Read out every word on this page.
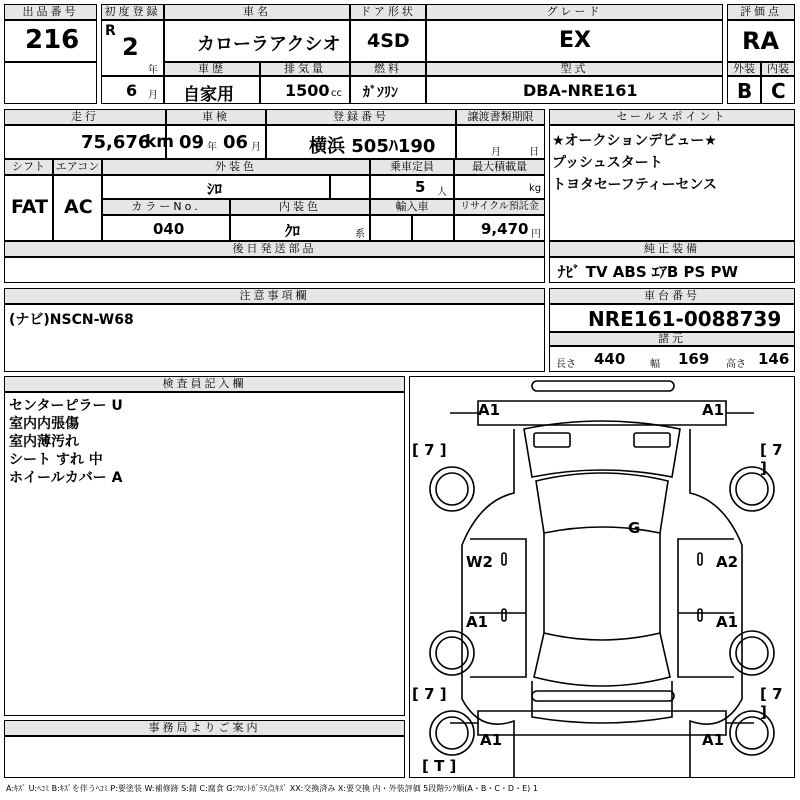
出品番号
216
初度登録
R
2
年
6 月
車名
カローラアクシオ
ドア形状
4SD
グレード
EX
評価点
RA
車歴
自家用
排気量
1500 cc
燃料
ｶﾞｿﾘﾝ
型式
DBA-NRE161
外装	内装
B C
走行
75,676
km
車検
09 年 06 月
登録番号
横浜 505ﾊ190
譲渡書類期限
月	日
セールスポイント
★オークションデビュー★
プッシュスタート
トヨタセーフティーセンス
シフト
FAT
エアコン
AC
外装色
ｼﾛ
乗車定員
5 人
最大積載量
kg
カラーNo.
040
内装色
ｸﾛ	系
輸入車	リサイクル預託金
9,470 円
後日発送部品	純正装備
ﾅﾋﾞ TV ABS ｴｱB PS PW
注意事項欄
(ナビ)NSCN-W68
車台番号
NRE161-0088739
諸元
長さ 440 幅 169 高さ 146
検査員記入欄
センターピラー U
室内内張傷
室内薄汚れ
シート すれ 中
ホイールカバー A
事務局よりご案内
A1	A1
[ 7 ]	[ 7 ]
G
W2	A2
A1	A1
[ 7 ]	[ 7 ]
A1	A1
[ T ]
A:ｷｽﾞ U:ﾍｺﾐ B:ｷｽﾞを伴うﾍｺﾐ P:要塗装 W:補修跡 S:錆 C:腐食 G:ﾌﾛﾝﾄｶﾞﾗｽ点ｷｽﾞ XX:交換済み X:要交換 内・外装評価 5段階ﾗﾝｸ順(A・B・C・D・E) 1
